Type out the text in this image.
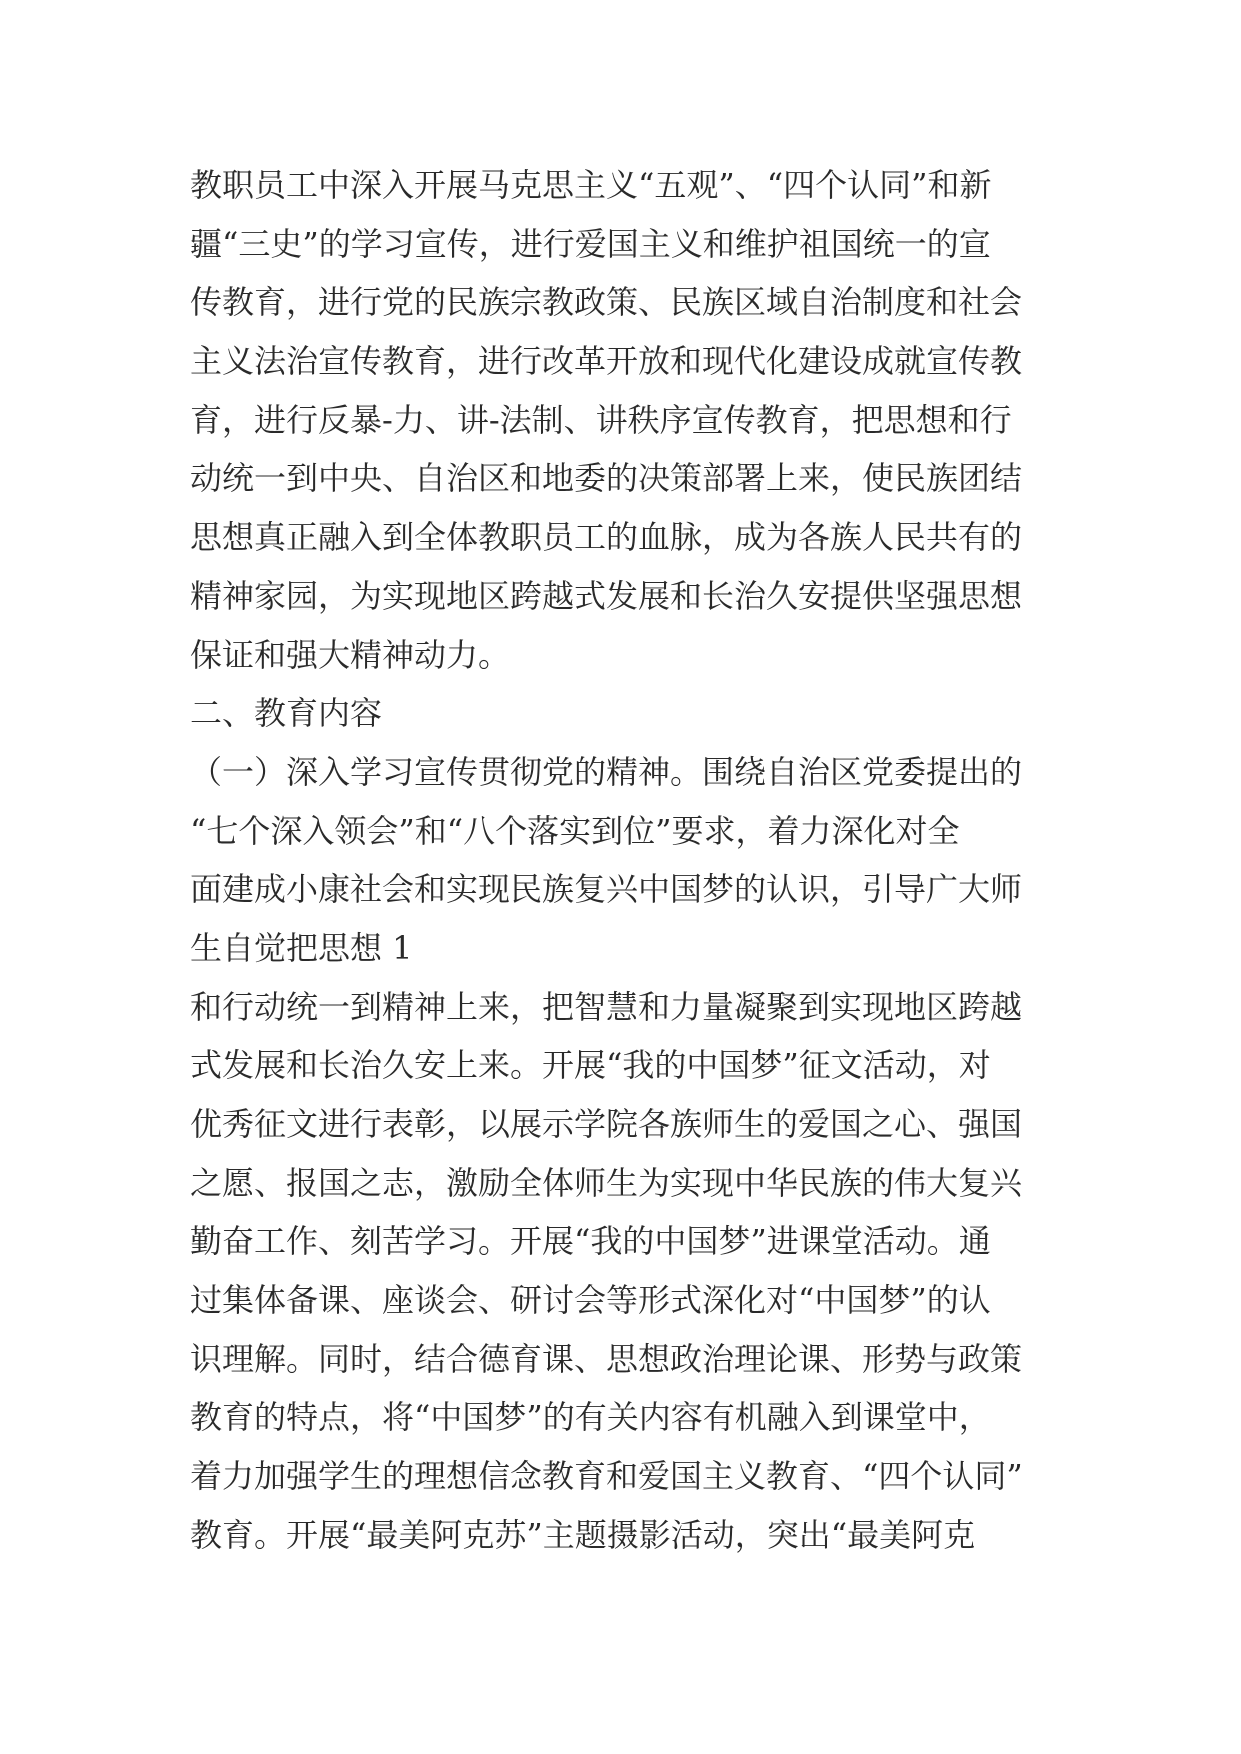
教职员工中深入开展马克思主义“五观”、“四个认同”和新
疆“三史”的学习宣传，进行爱国主义和维护祖国统一的宣
传教育，进行党的民族宗教政策、民族区域自治制度和社会
主义法治宣传教育，进行改革开放和现代化建设成就宣传教
育，进行反暴-力、讲-法制、讲秩序宣传教育，把思想和行
动统一到中央、自治区和地委的决策部署上来，使民族团结
思想真正融入到全体教职员工的血脉，成为各族人民共有的
精神家园，为实现地区跨越式发展和长治久安提供坚强思想
保证和强大精神动力。
二、教育内容
（一）深入学习宣传贯彻党的精神。围绕自治区党委提出的
“七个深入领会”和“八个落实到位”要求，着力深化对全
面建成小康社会和实现民族复兴中国梦的认识，引导广大师
生自觉把思想 1
和行动统一到精神上来，把智慧和力量凝聚到实现地区跨越
式发展和长治久安上来。开展“我的中国梦”征文活动，对
优秀征文进行表彰，以展示学院各族师生的爱国之心、强国
之愿、报国之志，激励全体师生为实现中华民族的伟大复兴
勤奋工作、刻苦学习。开展“我的中国梦”进课堂活动。通
过集体备课、座谈会、研讨会等形式深化对“中国梦”的认
识理解。同时，结合德育课、思想政治理论课、形势与政策
教育的特点，将“中国梦”的有关内容有机融入到课堂中，
着力加强学生的理想信念教育和爱国主义教育、“四个认同”
教育。开展“最美阿克苏”主题摄影活动，突出“最美阿克
